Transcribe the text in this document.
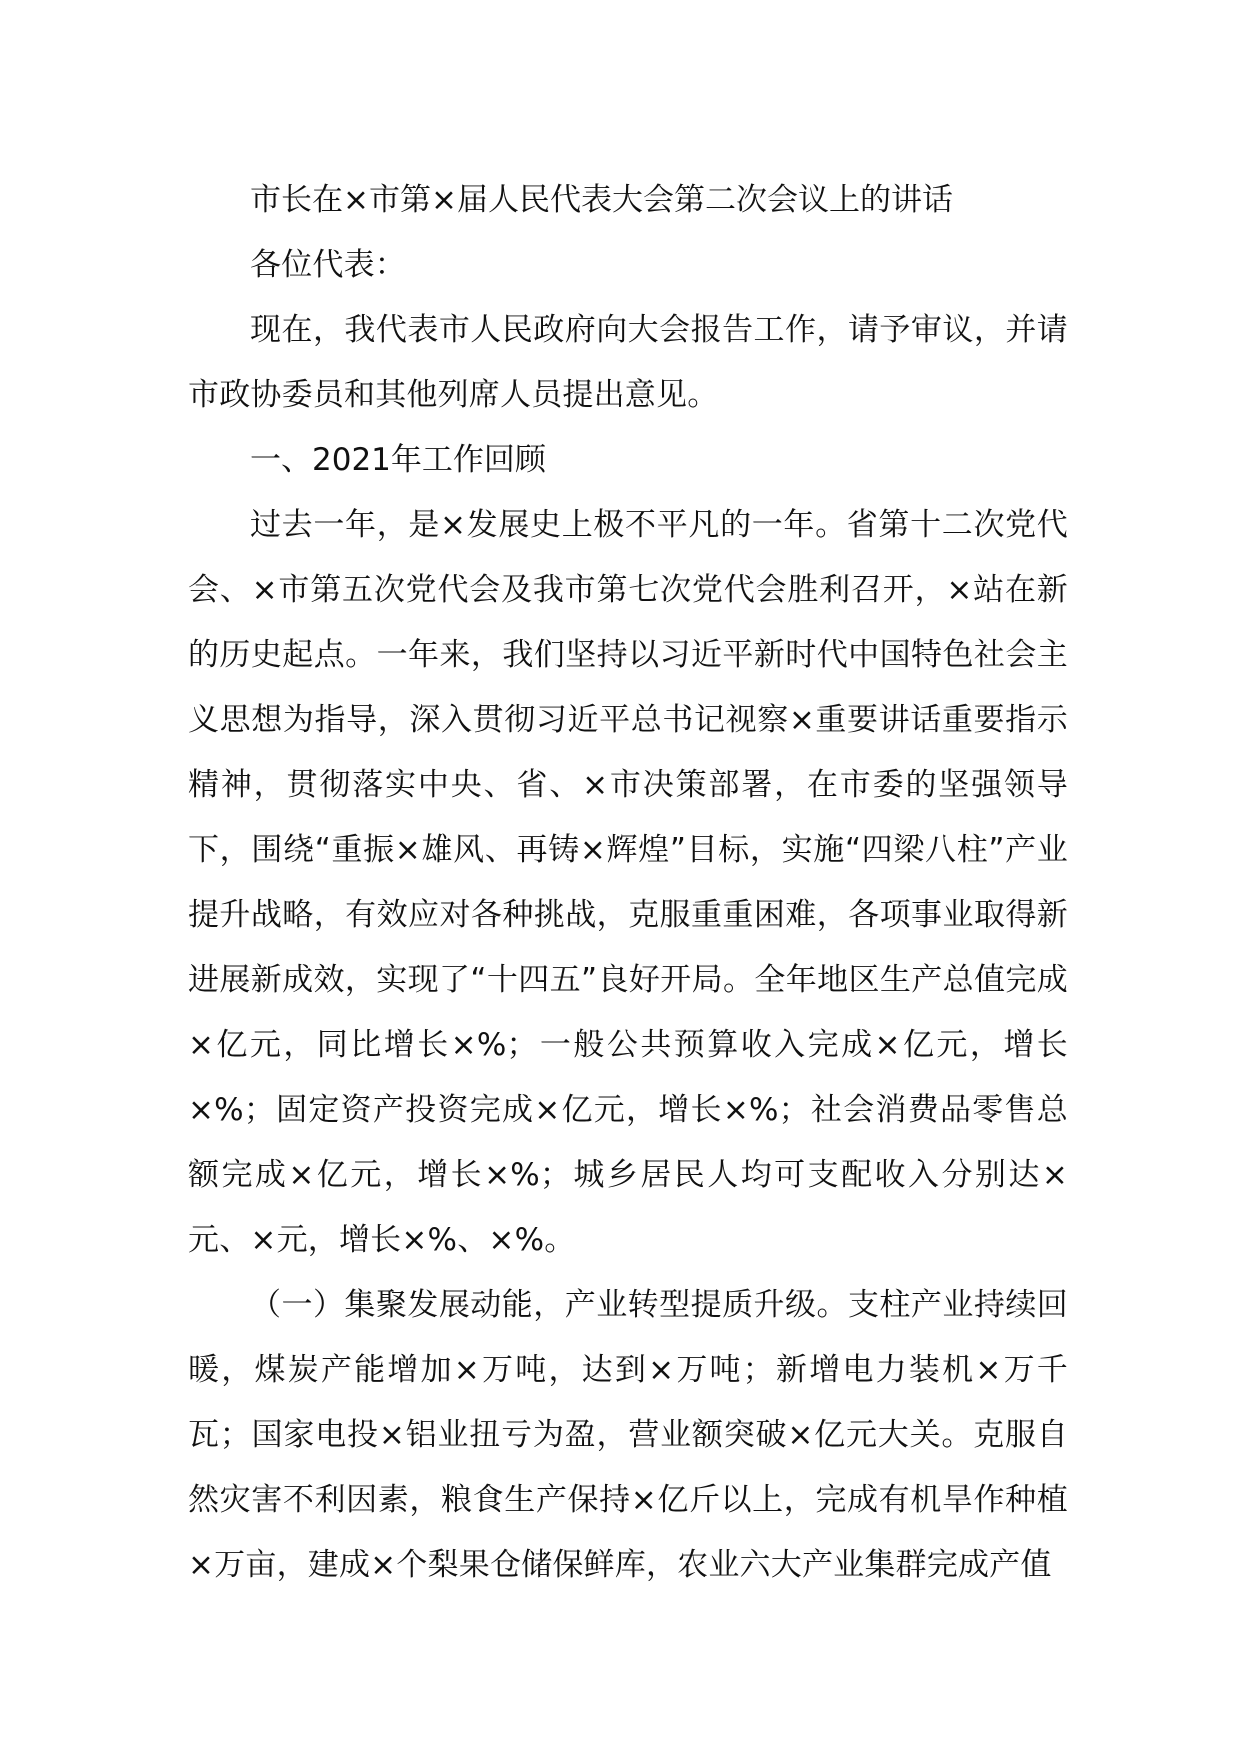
市长在×市第×届人民代表大会第二次会议上的讲话

各位代表：

现在，我代表市人民政府向大会报告工作，请予审议，并请市政协委员和其他列席人员提出意见。

一、2021年工作回顾

过去一年，是×发展史上极不平凡的一年。省第十二次党代会、×市第五次党代会及我市第七次党代会胜利召开，×站在新的历史起点。一年来，我们坚持以习近平新时代中国特色社会主义思想为指导，深入贯彻习近平总书记视察×重要讲话重要指示精神，贯彻落实中央、省、×市决策部署，在市委的坚强领导下，围绕“重振×雄风、再铸×辉煌”目标，实施“四梁八柱”产业提升战略，有效应对各种挑战，克服重重困难，各项事业取得新进展新成效，实现了“十四五”良好开局。全年地区生产总值完成×亿元，同比增长×%；一般公共预算收入完成×亿元，增长×%；固定资产投资完成×亿元，增长×%；社会消费品零售总额完成×亿元，增长×%；城乡居民人均可支配收入分别达×元、×元，增长×%、×%。

（一）集聚发展动能，产业转型提质升级。支柱产业持续回暖，煤炭产能增加×万吨，达到×万吨；新增电力装机×万千瓦；国家电投×铝业扭亏为盈，营业额突破×亿元大关。克服自然灾害不利因素，粮食生产保持×亿斤以上，完成有机旱作种植×万亩，建成×个梨果仓储保鲜库，农业六大产业集群完成产值
